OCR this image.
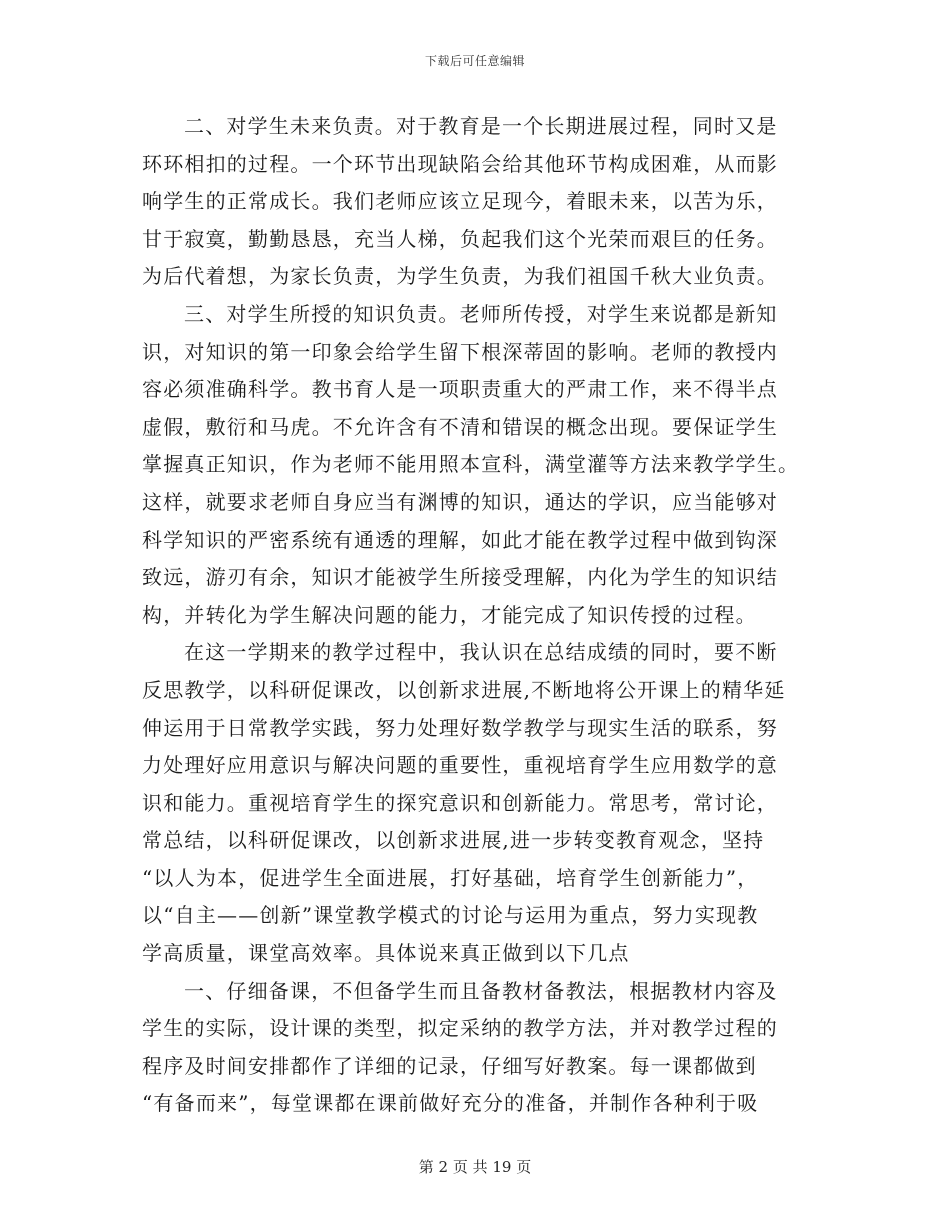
下载后可任意编辑
二、对学生未来负责。对于教育是一个长期进展过程，同时又是
环环相扣的过程。一个环节出现缺陷会给其他环节构成困难，从而影
响学生的正常成长。我们老师应该立足现今，着眼未来，以苦为乐，
甘于寂寞，勤勤恳恳，充当人梯，负起我们这个光荣而艰巨的任务。
为后代着想，为家长负责，为学生负责，为我们祖国千秋大业负责。
三、对学生所授的知识负责。老师所传授，对学生来说都是新知
识，对知识的第一印象会给学生留下根深蒂固的影响。老师的教授内
容必须准确科学。教书育人是一项职责重大的严肃工作，来不得半点
虚假，敷衍和马虎。不允许含有不清和错误的概念出现。要保证学生
掌握真正知识，作为老师不能用照本宣科，满堂灌等方法来教学学生。
这样，就要求老师自身应当有渊博的知识，通达的学识，应当能够对
科学知识的严密系统有通透的理解，如此才能在教学过程中做到钩深
致远，游刃有余，知识才能被学生所接受理解，内化为学生的知识结
构，并转化为学生解决问题的能力，才能完成了知识传授的过程。
在这一学期来的教学过程中，我认识在总结成绩的同时，要不断
反思教学，以科研促课改，以创新求进展,不断地将公开课上的精华延
伸运用于日常教学实践，努力处理好数学教学与现实生活的联系，努
力处理好应用意识与解决问题的重要性，重视培育学生应用数学的意
识和能力。重视培育学生的探究意识和创新能力。常思考，常讨论，
常总结，以科研促课改，以创新求进展,进一步转变教育观念，坚持
“以人为本，促进学生全面进展，打好基础，培育学生创新能力”，
以“自主——创新”课堂教学模式的讨论与运用为重点，努力实现教
学高质量，课堂高效率。具体说来真正做到以下几点
一、仔细备课，不但备学生而且备教材备教法，根据教材内容及
学生的实际，设计课的类型，拟定采纳的教学方法，并对教学过程的
程序及时间安排都作了详细的记录，仔细写好教案。每一课都做到
“有备而来”，每堂课都在课前做好充分的准备，并制作各种利于吸
第 2 页 共 19 页
